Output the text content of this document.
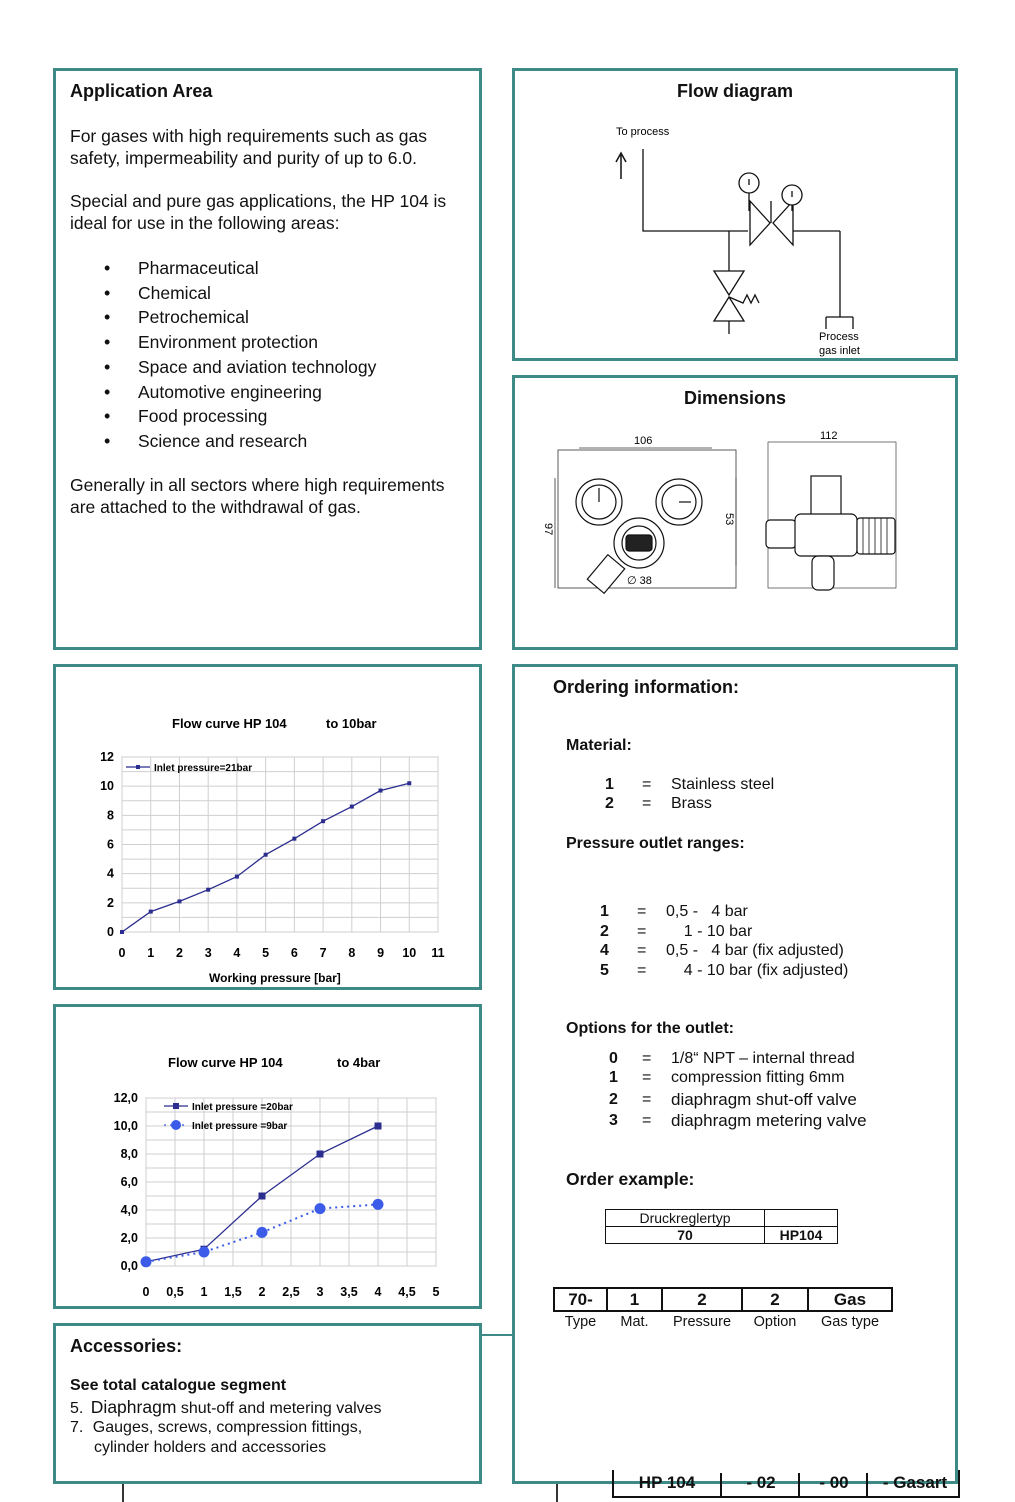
Application Area
For gases with high requirements such as gas safety, impermeability and purity of up to 6.0.
Special and pure gas applications, the HP 104 is ideal for use in the following areas:
• Pharmaceutical
• Chemical
• Petrochemical
• Environment protection
• Space and aviation technology
• Automotive engineering
• Food processing
• Science and research
Generally in all sectors where high requirements are attached to the withdrawal of gas.
Flow diagram
To process
Process
gas inlet
Dimensions
106
53
97
∅ 38
112
Flow curve HP 104	to 10bar
Working pressure [bar]
0 1 2 3 4 5 6 7 8 9 10 11
0
2
4
6
8
10
12
Inlet pressure=21bar
Flow curve HP 104	to 4bar
0 0,5 1 1,5 2 2,5 3 3,5 4 4,5 5
0,0
2,0
4,0
6,0
8,0
10,0
12,0
Inlet pressure =20bar
Inlet pressure =9bar
Accessories:
See total catalogue segment
5. Diaphragm shut-off and metering valves
7. Gauges, screws, compression fittings,
cylinder holders and accessories
Ordering information:
Material:
1 = Stainless steel
2 = Brass
Pressure outlet ranges:
1 = 0,5 -   4 bar
2 = 1 - 10 bar
4 = 0,5 -   4 bar (fix adjusted)
5 = 4 - 10 bar (fix adjusted)
Options for the outlet:
0 = 1/8“ NPT – internal thread
1 = compression fitting 6mm
2 = diaphragm shut-off valve
3 = diaphragm metering valve
Order example:
Druckreglertyp	
70	HP104
70-	1	2	2	Gas
Type	Mat.	Pressure	Option	Gas type
HP 104	- 02	- 00	- Gasart
